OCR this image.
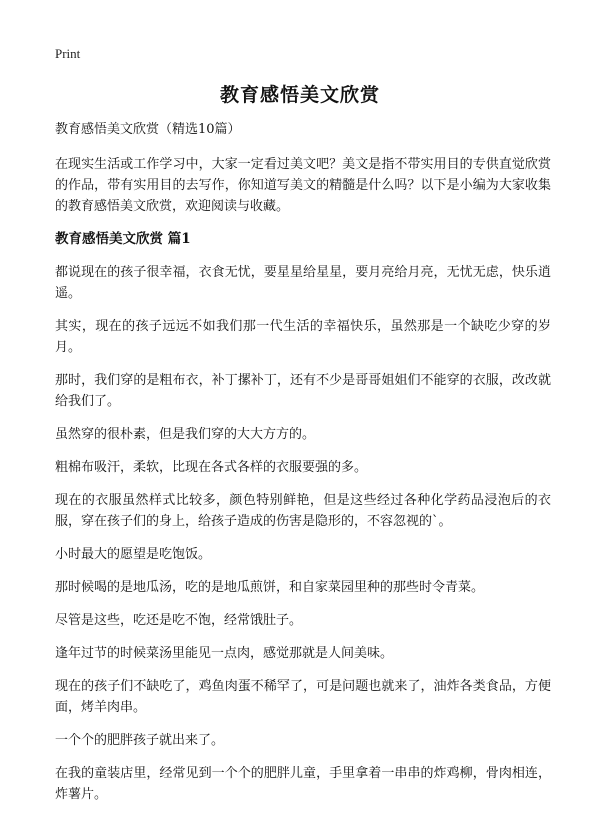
Print
教育感悟美文欣赏

教育感悟美文欣赏（精选10篇）

在现实生活或工作学习中，大家一定看过美文吧？美文是指不带实用目的专供直觉欣赏的作品，带有实用目的去写作，你知道写美文的精髓是什么吗？以下是小编为大家收集的教育感悟美文欣赏，欢迎阅读与收藏。

教育感悟美文欣赏 篇1

都说现在的孩子很幸福，衣食无忧，要星星给星星，要月亮给月亮，无忧无虑，快乐逍遥。

其实，现在的孩子远远不如我们那一代生活的幸福快乐，虽然那是一个缺吃少穿的岁月。

那时，我们穿的是粗布衣，补丁摞补丁，还有不少是哥哥姐姐们不能穿的衣服，改改就给我们了。

虽然穿的很朴素，但是我们穿的大大方方的。

粗棉布吸汗，柔软，比现在各式各样的衣服要强的多。

现在的衣服虽然样式比较多，颜色特别鲜艳，但是这些经过各种化学药品浸泡后的衣服，穿在孩子们的身上，给孩子造成的伤害是隐形的，不容忽视的`。

小时最大的愿望是吃饱饭。

那时候喝的是地瓜汤，吃的是地瓜煎饼，和自家菜园里种的那些时令青菜。

尽管是这些，吃还是吃不饱，经常饿肚子。

逢年过节的时候菜汤里能见一点肉，感觉那就是人间美味。

现在的孩子们不缺吃了，鸡鱼肉蛋不稀罕了，可是问题也就来了，油炸各类食品，方便面，烤羊肉串。

一个个的肥胖孩子就出来了。

在我的童装店里，经常见到一个个的肥胖儿童，手里拿着一串串的炸鸡柳，骨肉相连，炸薯片。
